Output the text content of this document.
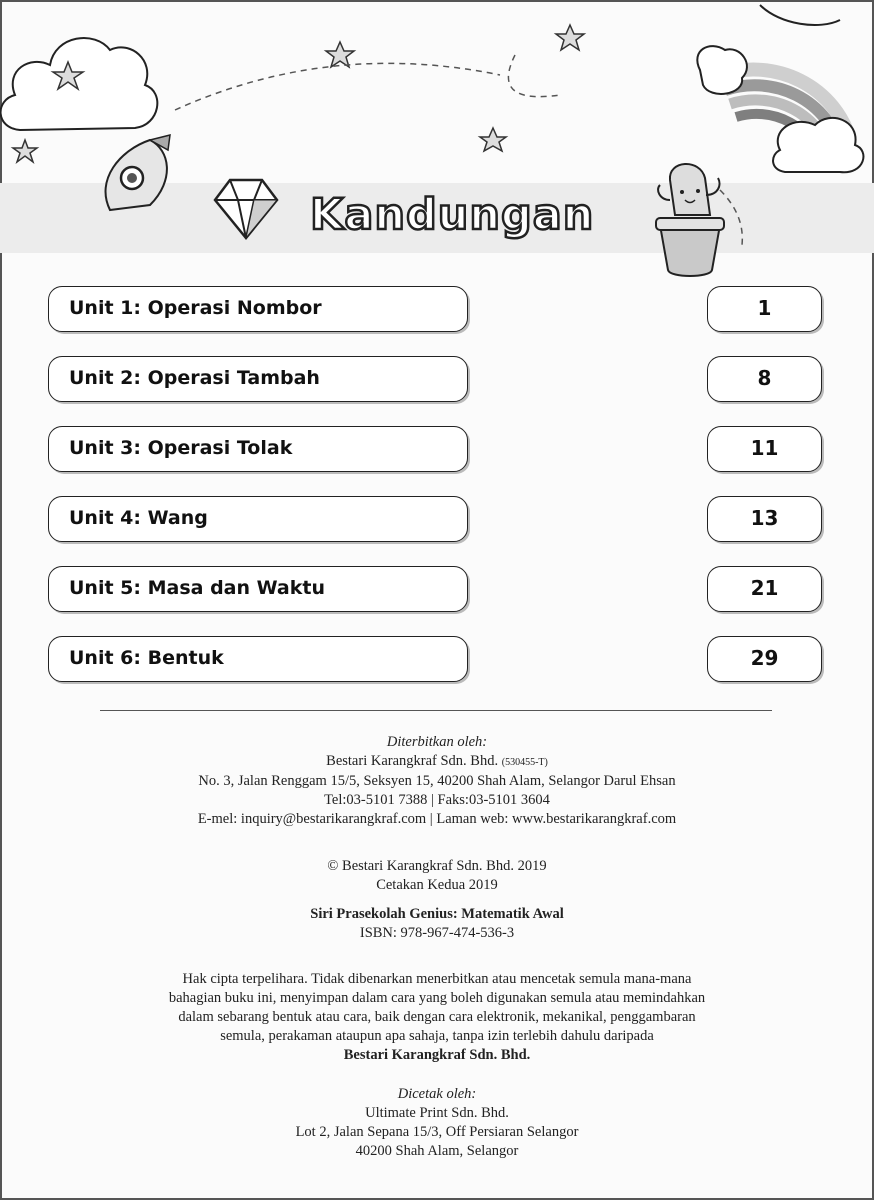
Kandungan
Unit 1: Operasi Nombor	1
Unit 2: Operasi Tambah	8
Unit 3: Operasi Tolak	11
Unit 4: Wang	13
Unit 5: Masa dan Waktu	21
Unit 6: Bentuk	29
Diterbitkan oleh:
Bestari Karangkraf Sdn. Bhd. (530455-T)
No. 3, Jalan Renggam 15/5, Seksyen 15, 40200 Shah Alam, Selangor Darul Ehsan
Tel:03-5101 7388 | Faks:03-5101 3604
E-mel: inquiry@bestarikarangkraf.com | Laman web: www.bestarikarangkraf.com
© Bestari Karangkraf Sdn. Bhd. 2019
Cetakan Kedua 2019
Siri Prasekolah Genius: Matematik Awal
ISBN: 978-967-474-536-3
Hak cipta terpelihara. Tidak dibenarkan menerbitkan atau mencetak semula mana-mana
bahagian buku ini, menyimpan dalam cara yang boleh digunakan semula atau memindahkan
dalam sebarang bentuk atau cara, baik dengan cara elektronik, mekanikal, penggambaran
semula, perakaman ataupun apa sahaja, tanpa izin terlebih dahulu daripada
Bestari Karangkraf Sdn. Bhd.
Dicetak oleh:
Ultimate Print Sdn. Bhd.
Lot 2, Jalan Sepana 15/3, Off Persiaran Selangor
40200 Shah Alam, Selangor
